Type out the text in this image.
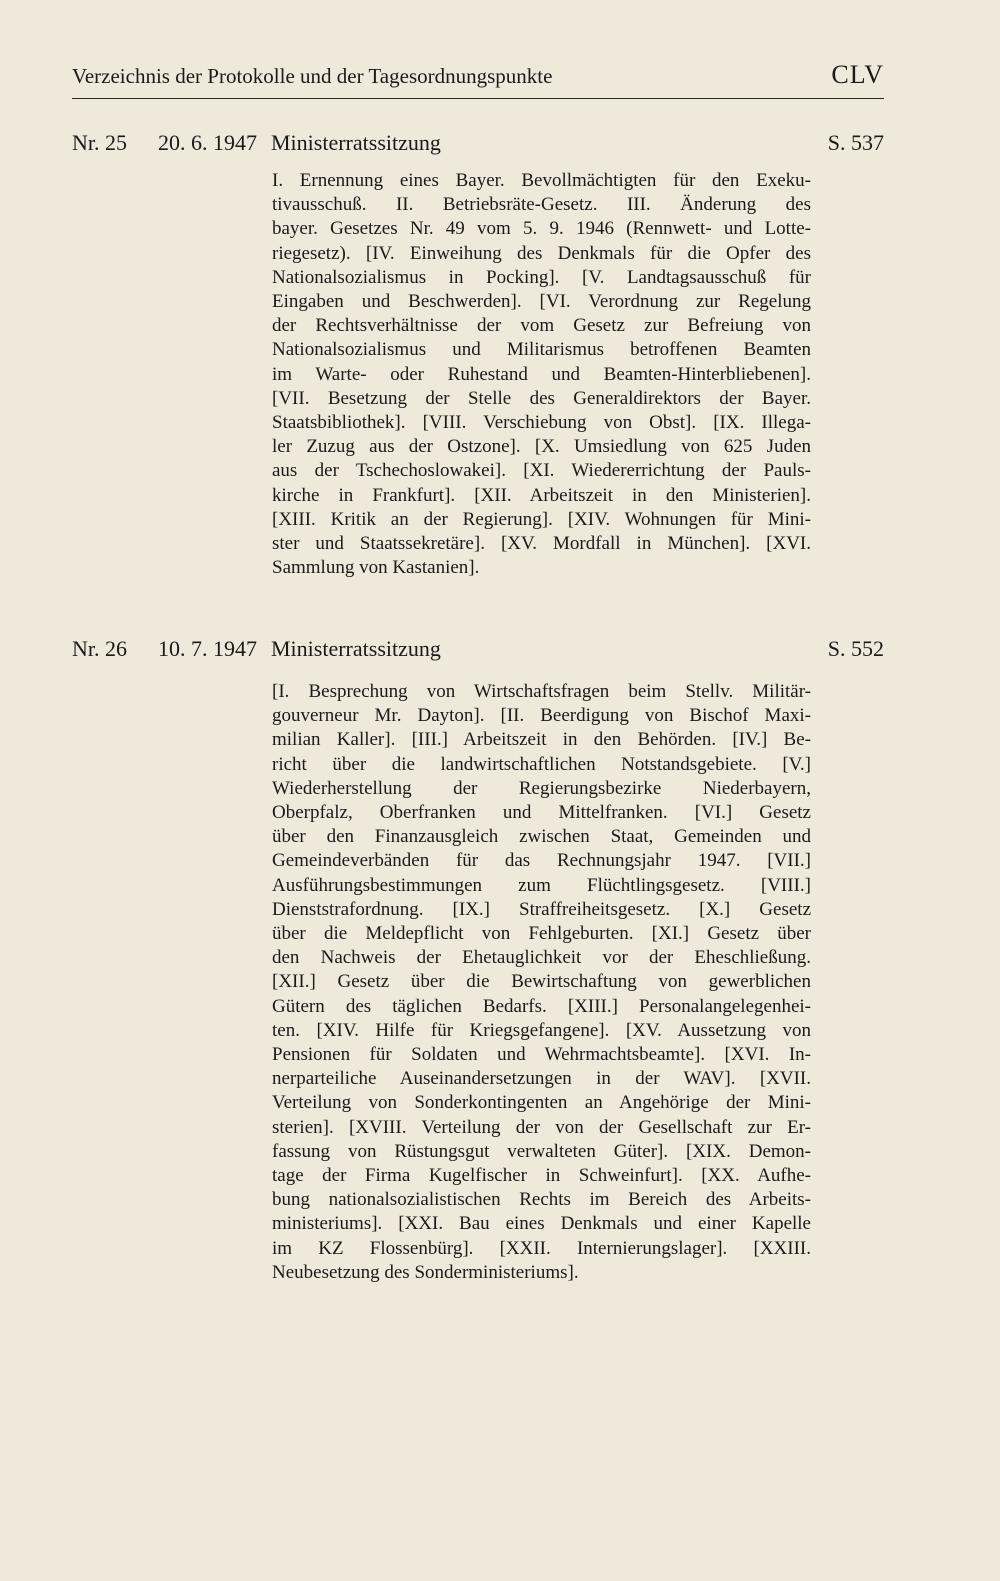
Verzeichnis der Protokolle und der Tagesordnungspunkte	CLV
Nr. 25 20. 6. 1947 Ministerratssitzung	S. 537
I. Ernennung eines Bayer. Bevollmächtigten für den Exeku-
tivausschuß. II. Betriebsräte-Gesetz. III. Änderung des
bayer. Gesetzes Nr. 49 vom 5. 9. 1946 (Rennwett- und Lotte-
riegesetz). [IV. Einweihung des Denkmals für die Opfer des
Nationalsozialismus in Pocking]. [V. Landtagsausschuß für
Eingaben und Beschwerden]. [VI. Verordnung zur Regelung
der Rechtsverhältnisse der vom Gesetz zur Befreiung von
Nationalsozialismus und Militarismus betroffenen Beamten
im Warte- oder Ruhestand und Beamten-Hinterbliebenen].
[VII. Besetzung der Stelle des Generaldirektors der Bayer.
Staatsbibliothek]. [VIII. Verschiebung von Obst]. [IX. Illega-
ler Zuzug aus der Ostzone]. [X. Umsiedlung von 625 Juden
aus der Tschechoslowakei]. [XI. Wiedererrichtung der Pauls-
kirche in Frankfurt]. [XII. Arbeitszeit in den Ministerien].
[XIII. Kritik an der Regierung]. [XIV. Wohnungen für Mini-
ster und Staatssekretäre]. [XV. Mordfall in München]. [XVI.
Sammlung von Kastanien].
Nr. 26 10. 7. 1947 Ministerratssitzung	S. 552
[I. Besprechung von Wirtschaftsfragen beim Stellv. Militär-
gouverneur Mr. Dayton]. [II. Beerdigung von Bischof Maxi-
milian Kaller]. [III.] Arbeitszeit in den Behörden. [IV.] Be-
richt über die landwirtschaftlichen Notstandsgebiete. [V.]
Wiederherstellung der Regierungsbezirke Niederbayern,
Oberpfalz, Oberfranken und Mittelfranken. [VI.] Gesetz
über den Finanzausgleich zwischen Staat, Gemeinden und
Gemeindeverbänden für das Rechnungsjahr 1947. [VII.]
Ausführungsbestimmungen zum Flüchtlingsgesetz. [VIII.]
Dienststrafordnung. [IX.] Straffreiheitsgesetz. [X.] Gesetz
über die Meldepflicht von Fehlgeburten. [XI.] Gesetz über
den Nachweis der Ehetauglichkeit vor der Eheschließung.
[XII.] Gesetz über die Bewirtschaftung von gewerblichen
Gütern des täglichen Bedarfs. [XIII.] Personalangelegenhei-
ten. [XIV. Hilfe für Kriegsgefangene]. [XV. Aussetzung von
Pensionen für Soldaten und Wehrmachtsbeamte]. [XVI. In-
nerparteiliche Auseinandersetzungen in der WAV]. [XVII.
Verteilung von Sonderkontingenten an Angehörige der Mini-
sterien]. [XVIII. Verteilung der von der Gesellschaft zur Er-
fassung von Rüstungsgut verwalteten Güter]. [XIX. Demon-
tage der Firma Kugelfischer in Schweinfurt]. [XX. Aufhe-
bung nationalsozialistischen Rechts im Bereich des Arbeits-
ministeriums]. [XXI. Bau eines Denkmals und einer Kapelle
im KZ Flossenbürg]. [XXII. Internierungslager]. [XXIII.
Neubesetzung des Sonderministeriums].
